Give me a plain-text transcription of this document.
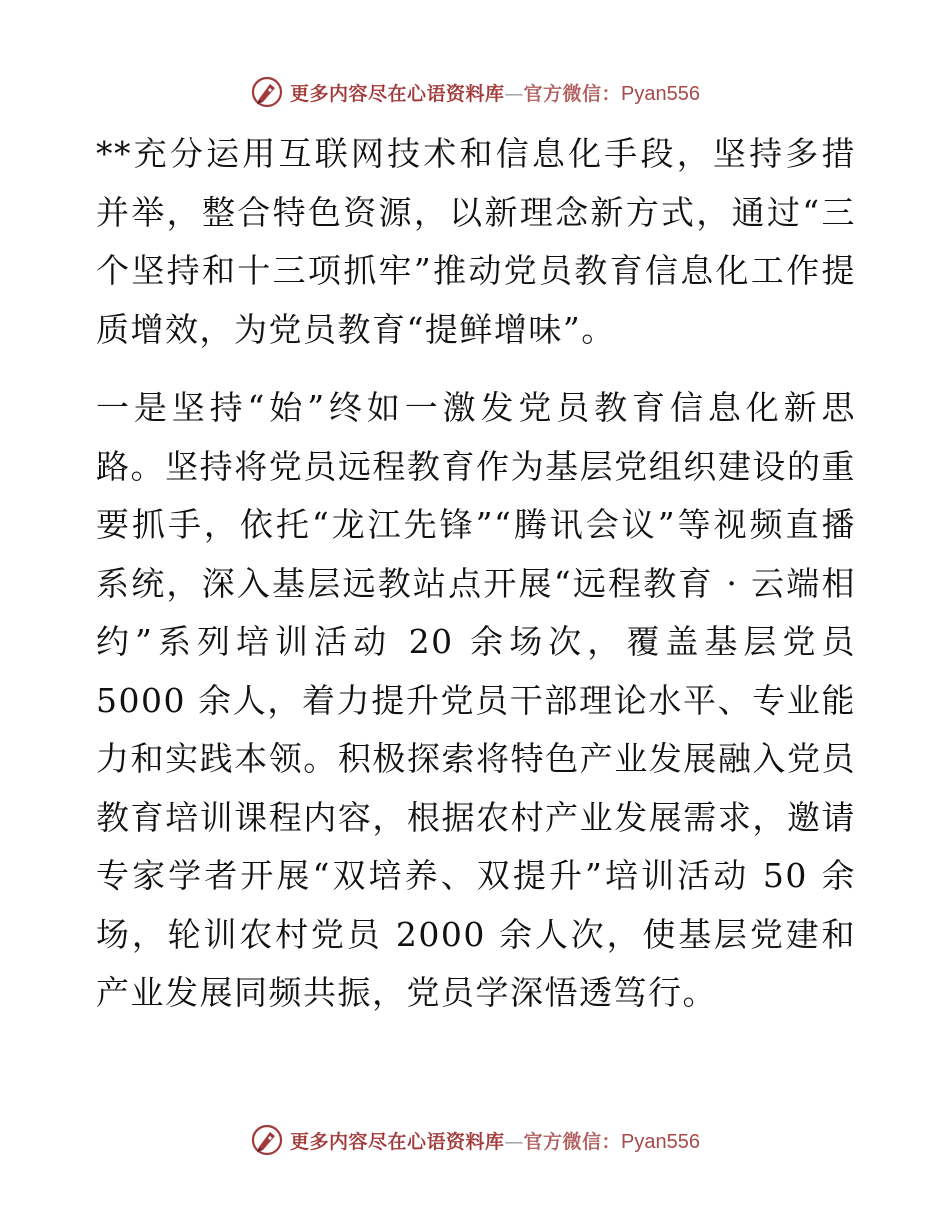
更多内容尽在心语资料库 — 官方微信： Pyan556

**充分运用互联网技术和信息化手段，坚持多措并举，整合特色资源，以新理念新方式，通过“三个坚持和十三项抓牢”推动党员教育信息化工作提质增效，为党员教育“提鲜增味”。

一是坚持“始”终如一激发党员教育信息化新思路。坚持将党员远程教育作为基层党组织建设的重要抓手，依托“龙江先锋”“腾讯会议”等视频直播系统，深入基层远教站点开展“远程教育 · 云端相约”系列培训活动 20 余场次，覆盖基层党员 5000 余人，着力提升党员干部理论水平、专业能力和实践本领。积极探索将特色产业发展融入党员教育培训课程内容，根据农村产业发展需求，邀请专家学者开展“双培养、双提升”培训活动 50 余场，轮训农村党员 2000 余人次，使基层党建和产业发展同频共振，党员学深悟透笃行。

更多内容尽在心语资料库 — 官方微信： Pyan556
